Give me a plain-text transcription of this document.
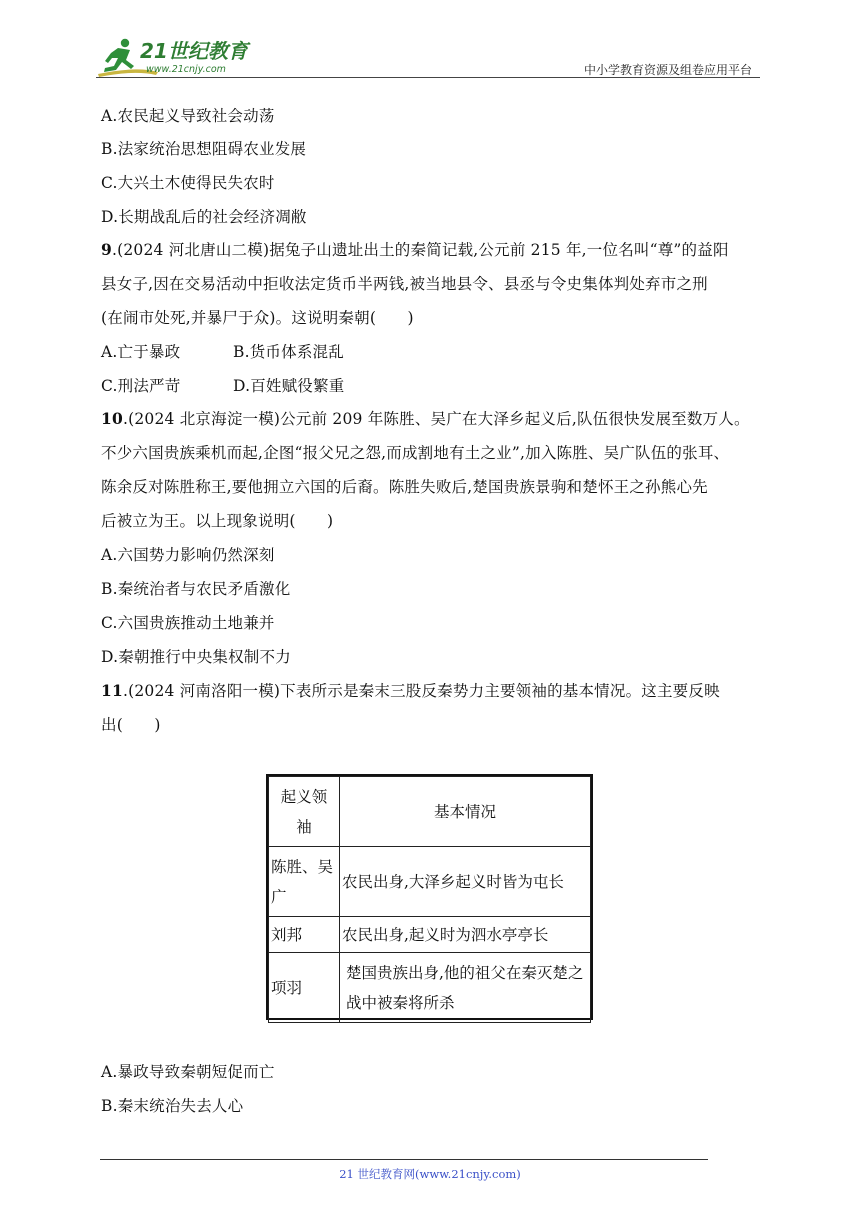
21世纪教育
www.21cnjy.com	中小学教育资源及组卷应用平台
A.农民起义导致社会动荡
B.法家统治思想阻碍农业发展
C.大兴土木使得民失农时
D.长期战乱后的社会经济凋敝
9.(2024 河北唐山二模)据兔子山遗址出土的秦简记载,公元前 215 年,一位名叫“尊”的益阳
县女子,因在交易活动中拒收法定货币半两钱,被当地县令、县丞与令史集体判处弃市之刑
(在闹市处死,并暴尸于众)。这说明秦朝(　　)
A.亡于暴政	B.货币体系混乱
C.刑法严苛	D.百姓赋役繁重
10.(2024 北京海淀一模)公元前 209 年陈胜、吴广在大泽乡起义后,队伍很快发展至数万人。
不少六国贵族乘机而起,企图“报父兄之怨,而成割地有土之业”,加入陈胜、吴广队伍的张耳、
陈余反对陈胜称王,要他拥立六国的后裔。陈胜失败后,楚国贵族景驹和楚怀王之孙熊心先
后被立为王。以上现象说明(　　)
A.六国势力影响仍然深刻
B.秦统治者与农民矛盾激化
C.六国贵族推动土地兼并
D.秦朝推行中央集权制不力
11.(2024 河南洛阳一模)下表所示是秦末三股反秦势力主要领袖的基本情况。这主要反映
出(　　)
起义领袖	基本情况

陈胜、吴广	农民出身,大泽乡起义时皆为屯长
刘邦	农民出身,起义时为泗水亭亭长
项羽	楚国贵族出身,他的祖父在秦灭楚之战中被秦将所杀
A.暴政导致秦朝短促而亡
B.秦末统治失去人心
21 世纪教育网(www.21cnjy.com)
